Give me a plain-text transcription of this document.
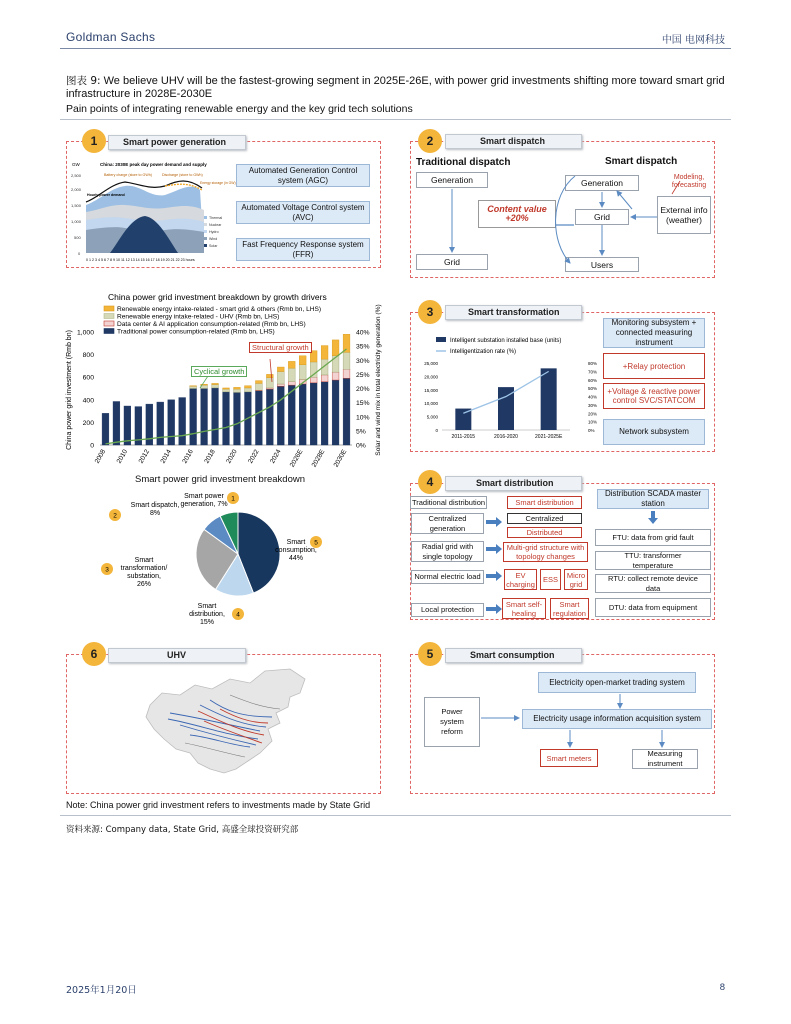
Goldman Sachs	中国 电网科技
图表 9: We believe UHV will be the fastest-growing segment in 2025E-26E, with power grid investments shifting more toward smart grid infrastructure in 2028E-2030E
Pain points of integrating renewable energy and the key grid tech solutions
1	Smart power generation
China: 2030E peak day power demand and supply
GW
2,500
2,000
1,500
1,000
500
0
Hourly power demand
Battery charge (store to GWh)	Discharge (store to GWh)
Energy storage (in GW)
Thermal
Nuclear
Hydro
Wind
Solar
0 1 2 3 4 5 6 7 8 9 10 11 12 13 14 15 16 17 18 19 20 21 22 23 hours
Automated Generation Control system (AGC)
Automated Voltage Control system (AVC)
Fast Frequency Response system (FFR)
2	Smart dispatch
Traditional dispatch	Smart dispatch
Generation
Grid
Content value
+20%
Generation
Modeling, forecasting
Grid
External info (weather)
Users
China power grid investment breakdown by growth drivers
Renewable energy intake-related - smart grid & others (Rmb bn, LHS)
Renewable energy intake-related - UHV (Rmb bn, LHS)
Data center & AI application consumption-related (Rmb bn, LHS)
Traditional power consumption-related (Rmb bn, LHS)
1,000
800
600
400
200
0
40%
35%
30%
25%
20%
15%
10%
5%
0%
2008 2010 2012 2014 2016 2018 2020 2022 2024 2026E 2028E 2030E
China power grid investment (Rmb bn)	Solar and wind mix in total electricity generation (%)
Structural growth
Cyclical growth
Smart power grid investment breakdown
Smart
consumption,
44%
Smart
distribution,
15%
Smart
transformation/
substation,
26%
Smart dispatch,
8%
Smart power
generation, 7%
1
2
3
4
5
3	Smart transformation
Intelligent substation installed base (units)
Intelligentization rate (%)
25,000
20,000
15,000
10,000
5,000
0
80%
70%
60%
50%
40%
30%
20%
10%
0%
2011-2015	2016-2020	2021-2025E
Monitoring subsystem + connected measuring instrument
+Relay protection
+Voltage & reactive power control SVC/STATCOM
Network subsystem
4	Smart distribution
Traditional distribution	Smart distribution
Centralized generation
Radial grid with single topology
Normal electric load
Local protection
Centralized
Distributed
Multi-grid structure with topology changes
EV charging	ESS	Micro grid
Smart self-healing
Smart regulation
Distribution SCADA master station
FTU: data from grid fault
TTU: transformer temperature
RTU: collect remote device data
DTU: data from equipment
6	UHV	5	Smart consumption
Electricity open-market trading system
Power system reform
Electricity usage information acquisition system
Smart meters	Measuring instrument
Note: China power grid investment refers to investments made by State Grid
资料来源: Company data, State Grid, 高盛全球投资研究部
2025年1月20日	8
